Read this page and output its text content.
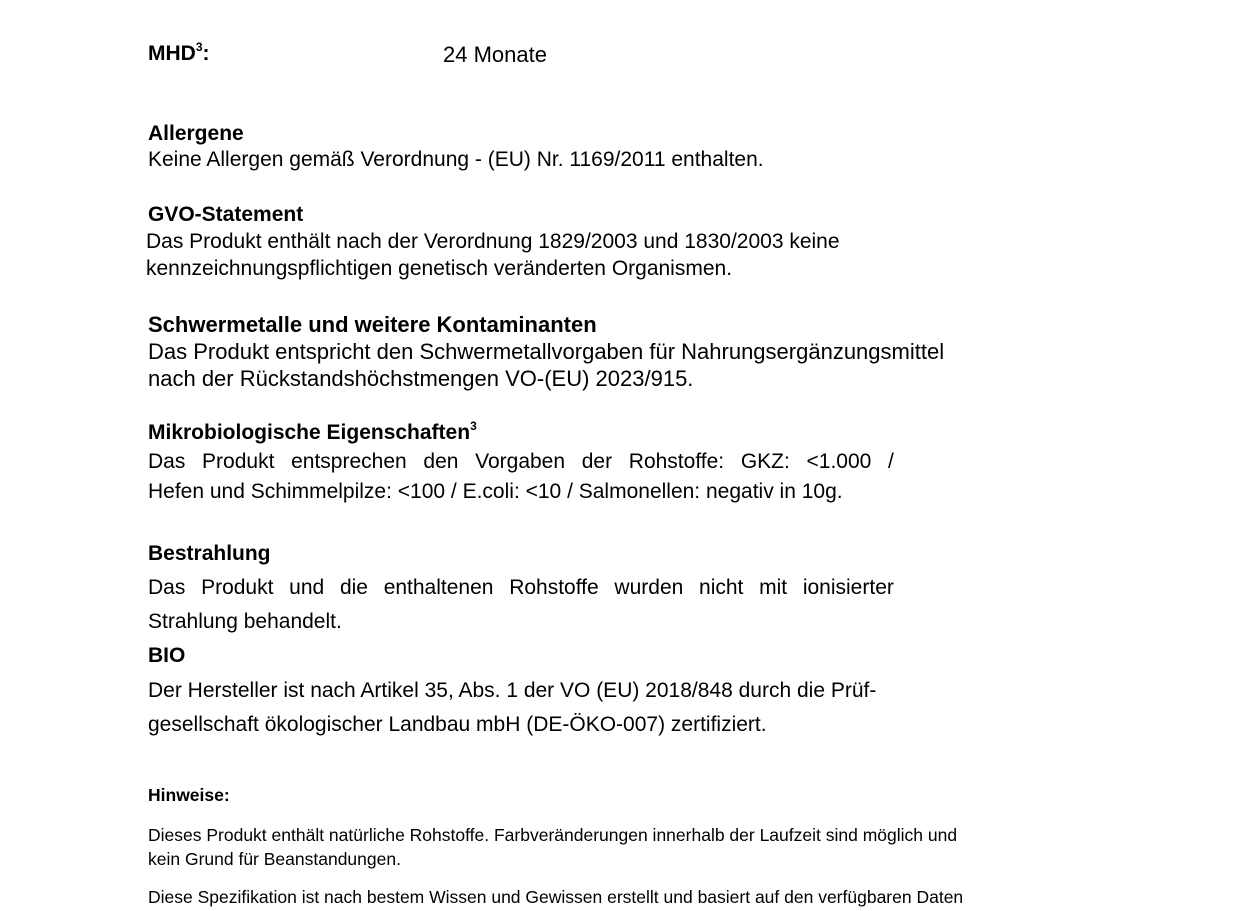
MHD$^3$:	24 Monate
Allergene
Keine Allergen gemäß Verordnung - (EU) Nr. 1169/2011 enthalten.
GVO-Statement
Das Produkt enthält nach der Verordnung 1829/2003 und 1830/2003 keine
kennzeichnungspflichtigen genetisch veränderten Organismen.
Schwermetalle und weitere Kontaminanten
Das Produkt entspricht den Schwermetallvorgaben für Nahrungsergänzungsmittel
nach der Rückstandshöchstmengen VO-(EU) 2023/915.
Mikrobiologische Eigenschaften$^3$
Das Produkt entsprechen den Vorgaben der Rohstoffe: GKZ: <1.000 /
Hefen und Schimmelpilze: <100 / E.coli: <10 / Salmonellen: negativ in 10g.
Bestrahlung
Das Produkt und die enthaltenen Rohstoffe wurden nicht mit ionisierter
Strahlung behandelt.
BIO
Der Hersteller ist nach Artikel 35, Abs. 1 der VO (EU) 2018/848 durch die Prüf-
gesellschaft ökologischer Landbau mbH (DE-ÖKO-007) zertifiziert.
Hinweise:
Dieses Produkt enthält natürliche Rohstoffe. Farbveränderungen innerhalb der Laufzeit sind möglich und
kein Grund für Beanstandungen.
Diese Spezifikation ist nach bestem Wissen und Gewissen erstellt und basiert auf den verfügbaren Daten
